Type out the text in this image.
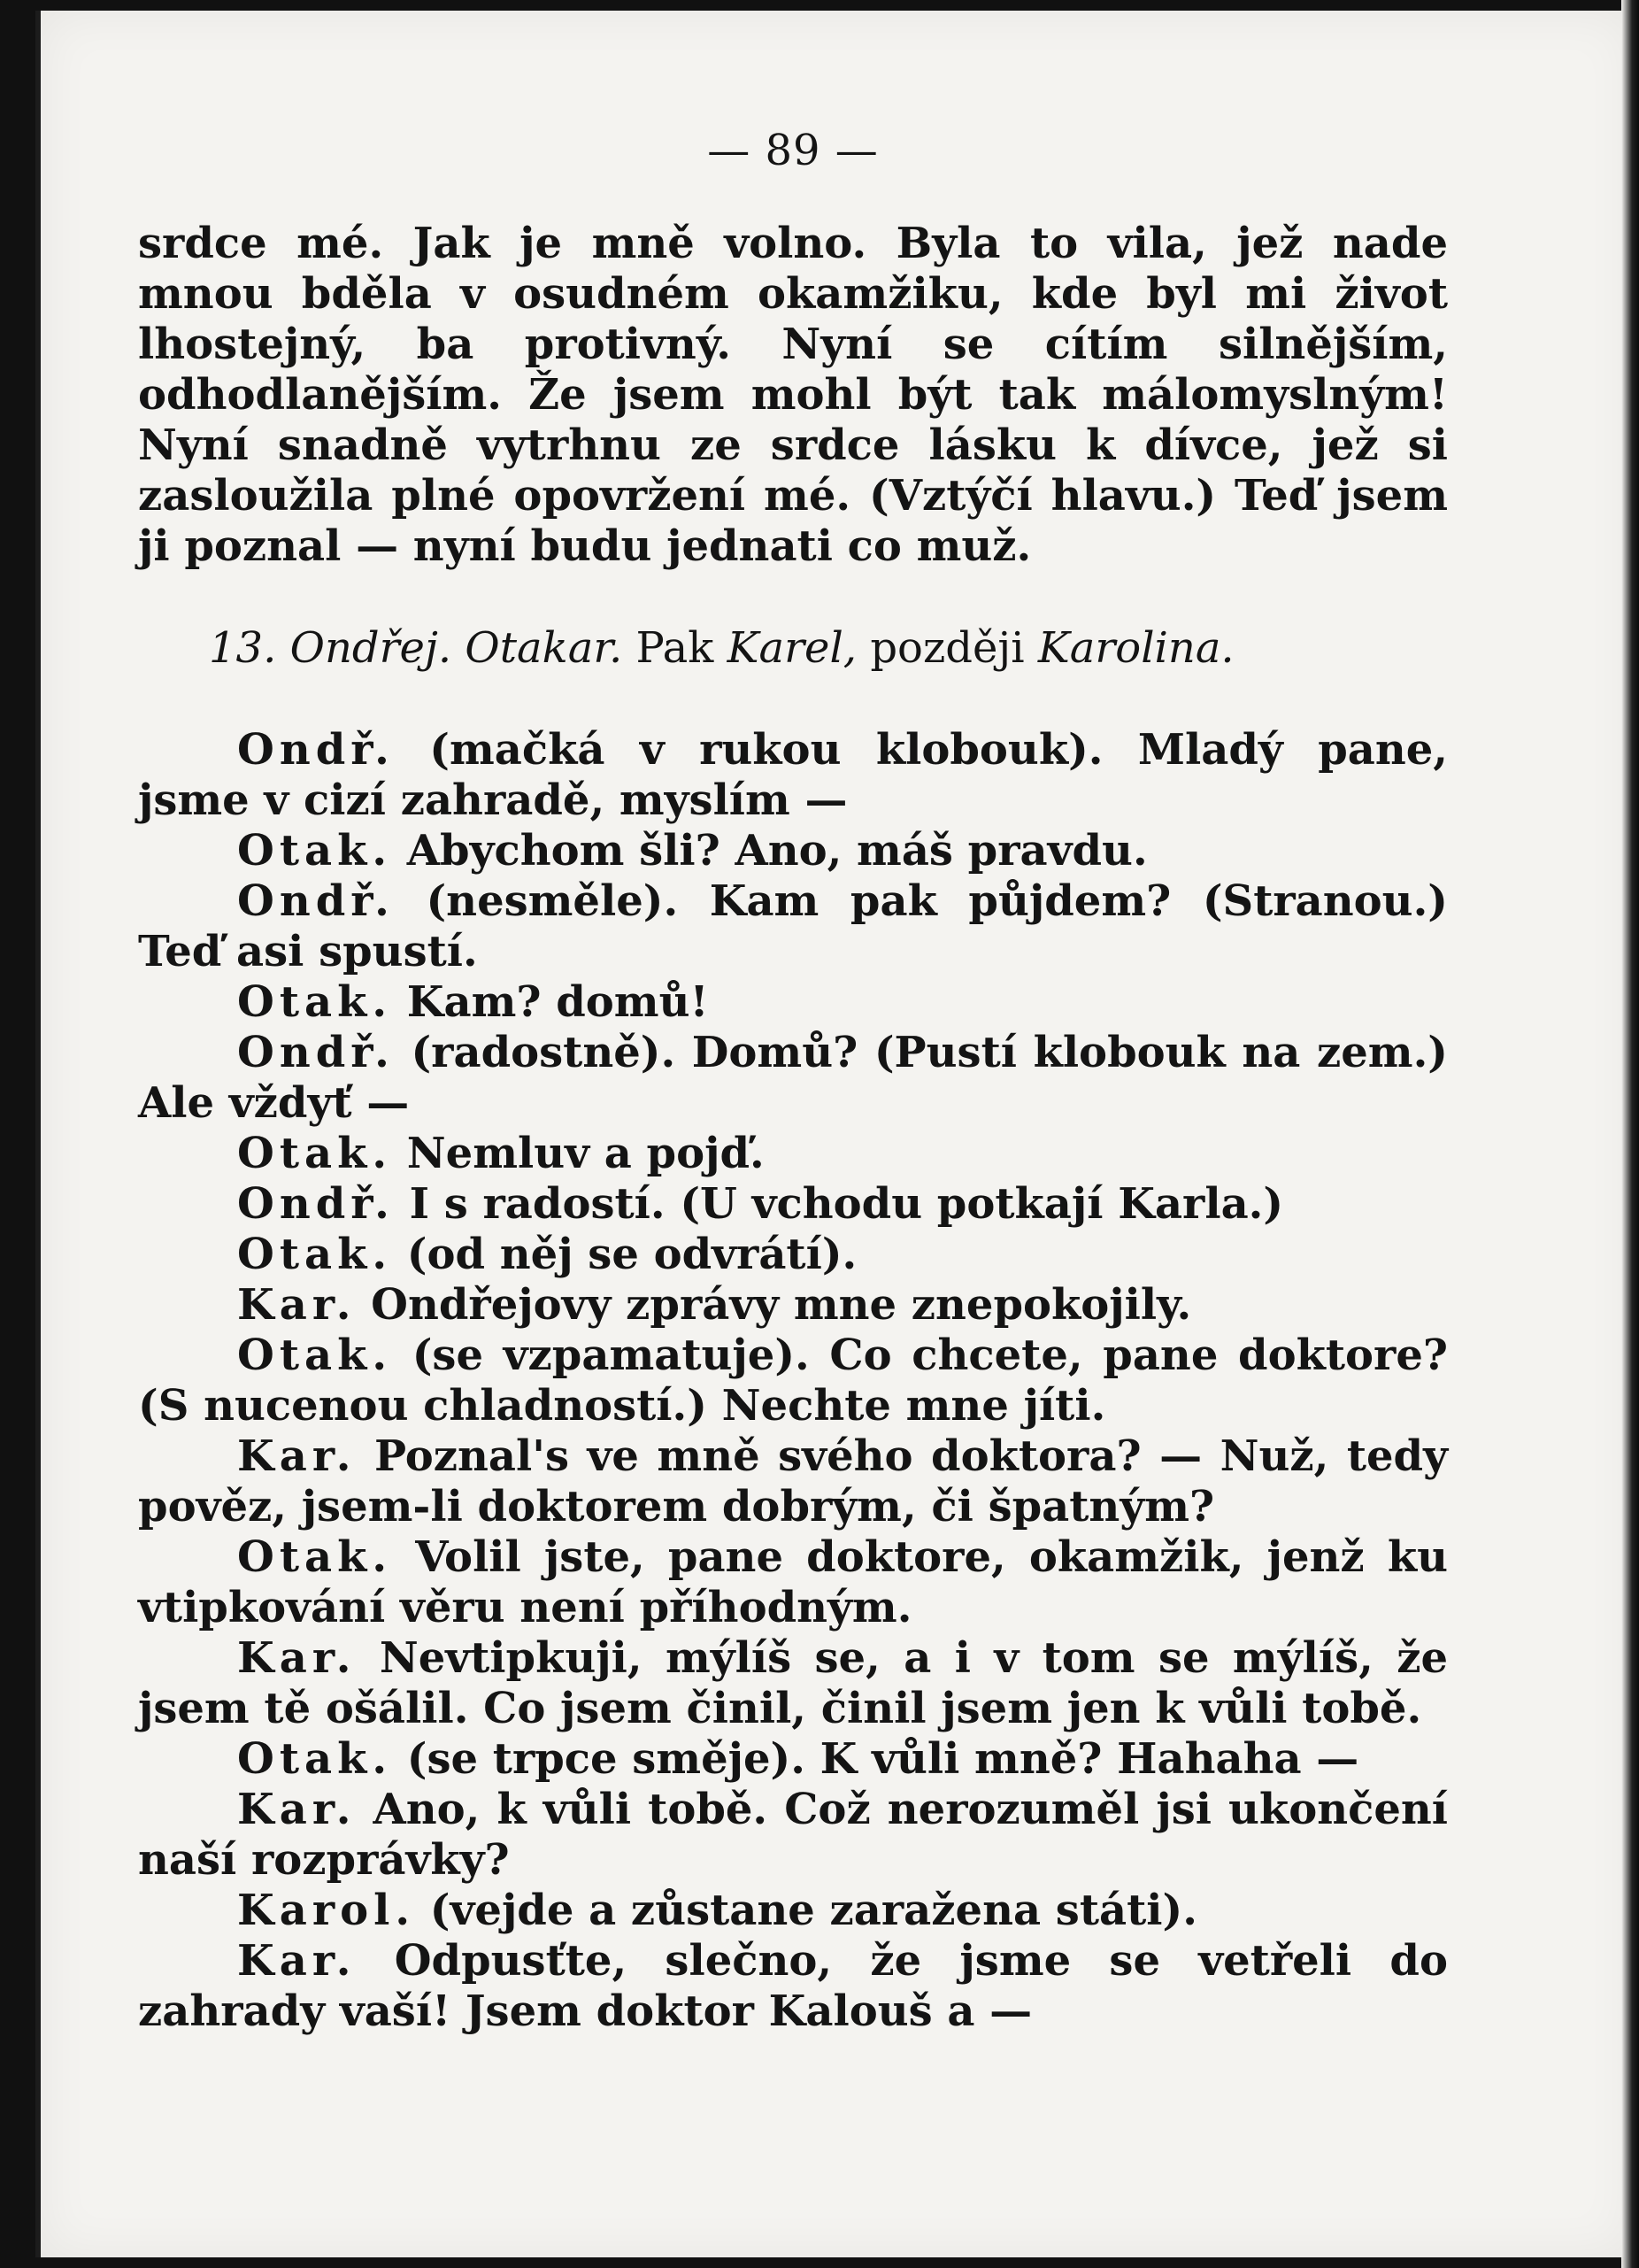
— 89 —

srdce mé. Jak je mně volno. Byla to vila, jež nade mnou bděla v osudném okamžiku, kde byl mi život lhostejný, ba protivný. Nyní se cítím silnějším, odhodlanějším. Že jsem mohl být tak málomyslným! Nyní snadně vytrhnu ze srdce lásku k dívce, jež si zasloužila plné opovržení mé. (Vztýčí hlavu.) Teď jsem ji poznal — nyní budu jednati co muž.

13. Ondřej. Otakar. Pak Karel, později Karolina.

Ondř. (mačká v rukou klobouk). Mladý pane, jsme v cizí zahradě, myslím —

Otak. Abychom šli? Ano, máš pravdu.

Ondř. (nesměle). Kam pak půjdem? (Stranou.) Teď asi spustí.

Otak. Kam? domů!

Ondř. (radostně). Domů? (Pustí klobouk na zem.) Ale vždyť —

Otak. Nemluv a pojď.

Ondř. I s radostí. (U vchodu potkají Karla.)

Otak. (od něj se odvrátí).

Kar. Ondřejovy zprávy mne znepokojily.

Otak. (se vzpamatuje). Co chcete, pane doktore? (S nucenou chladností.) Nechte mne jíti.

Kar. Poznal's ve mně svého doktora? — Nuž, tedy pověz, jsem-li doktorem dobrým, či špatným?

Otak. Volil jste, pane doktore, okamžik, jenž ku vtipkování věru není příhodným.

Kar. Nevtipkuji, mýlíš se, a i v tom se mýlíš, že jsem tě ošálil. Co jsem činil, činil jsem jen k vůli tobě.

Otak. (se trpce směje). K vůli mně? Hahaha —

Kar. Ano, k vůli tobě. Což nerozuměl jsi ukončení naší rozprávky?

Karol. (vejde a zůstane zaražena státi).

Kar. Odpusťte, slečno, že jsme se vetřeli do zahrady vaší! Jsem doktor Kalouš a —
